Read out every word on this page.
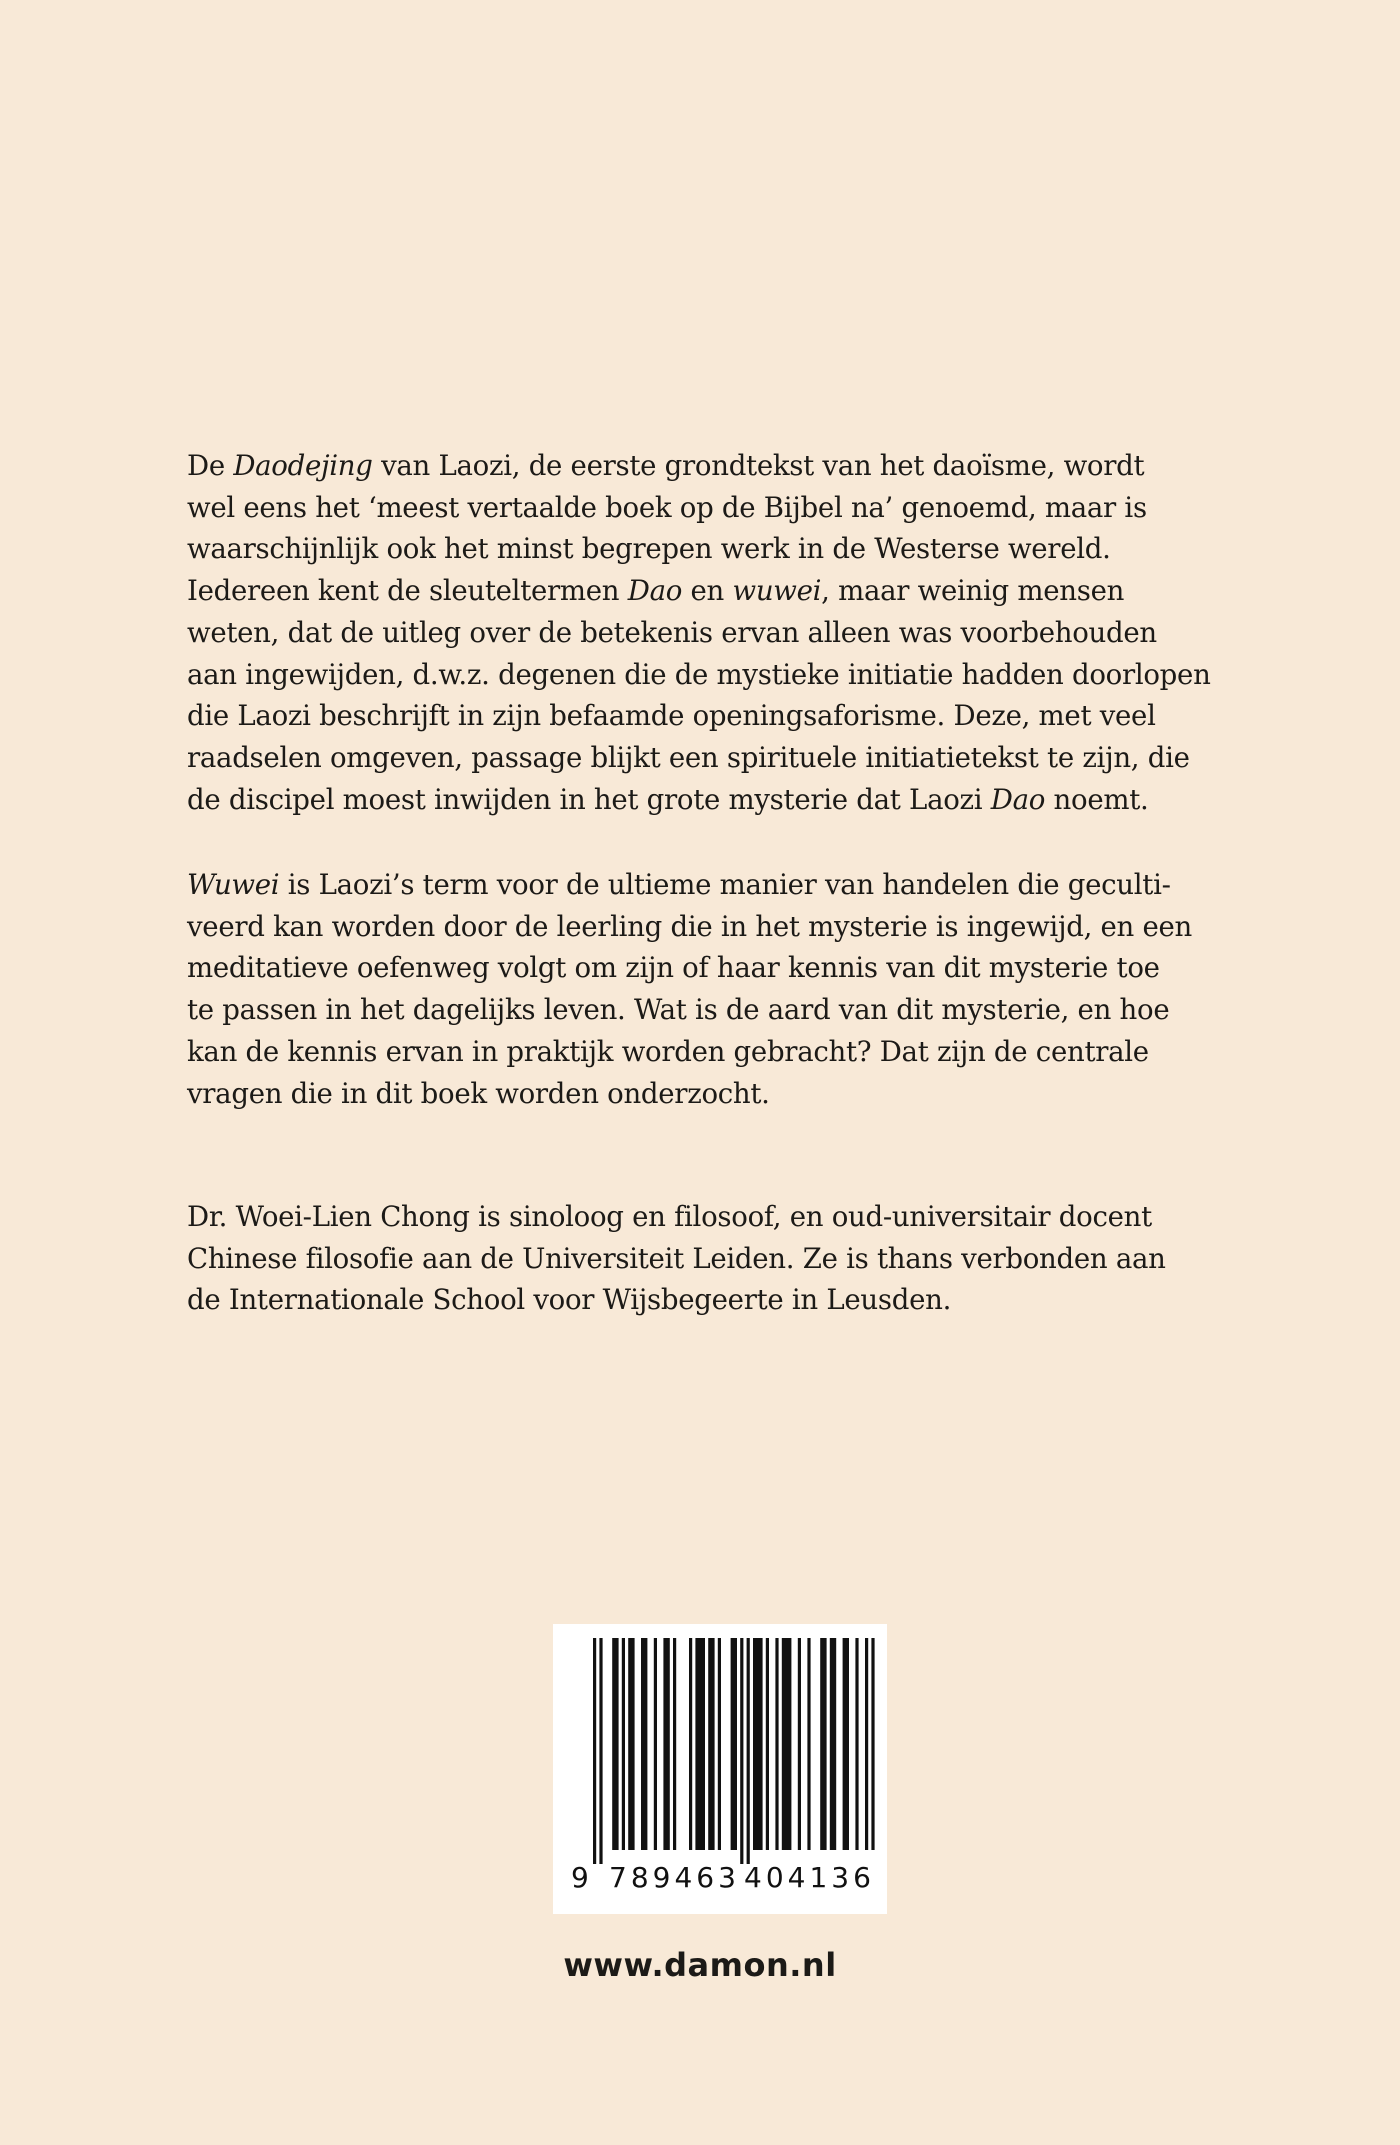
De Daodejing van Laozi, de eerste grondtekst van het daoïsme, wordt
wel eens het ‘meest vertaalde boek op de Bijbel na’ genoemd, maar is
waarschijnlijk ook het minst begrepen werk in de Westerse wereld.
Iedereen kent de sleuteltermen Dao en wuwei, maar weinig mensen
weten, dat de uitleg over de betekenis ervan alleen was voorbehouden
aan ingewijden, d.w.z. degenen die de mystieke initiatie hadden doorlopen
die Laozi beschrijft in zijn befaamde openingsaforisme. Deze, met veel
raadselen omgeven, passage blijkt een spirituele initiatietekst te zijn, die
de discipel moest inwijden in het grote mysterie dat Laozi Dao noemt.
Wuwei is Laozi’s term voor de ultieme manier van handelen die geculti-
veerd kan worden door de leerling die in het mysterie is ingewijd, en een
meditatieve oefenweg volgt om zijn of haar kennis van dit mysterie toe
te passen in het dagelijks leven. Wat is de aard van dit mysterie, en hoe
kan de kennis ervan in praktijk worden gebracht? Dat zijn de centrale
vragen die in dit boek worden onderzocht.
Dr. Woei-Lien Chong is sinoloog en filosoof, en oud-universitair docent
Chinese filosofie aan de Universiteit Leiden. Ze is thans verbonden aan
de Internationale School voor Wijsbegeerte in Leusden.
9 789463 404136
www.damon.nl
